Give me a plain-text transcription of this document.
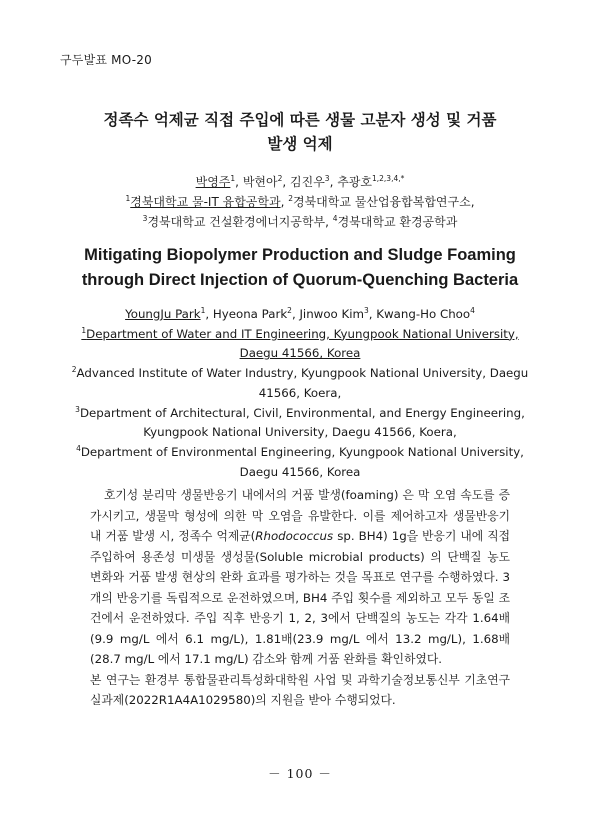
구두발표 MO-20
정족수 억제균 직접 주입에 따른 생물 고분자 생성 및 거품
발생 억제
박영주$^1$, 박현아$^2$, 김진우$^3$, 추광호$^{1,2,3,4,*}$
$^1$경북대학교 물-IT 융합공학과, $^2$경북대학교 물산업융합복합연구소,
$^3$경북대학교 건설환경에너지공학부, $^4$경북대학교 환경공학과
Mitigating Biopolymer Production and Sludge Foaming
through Direct Injection of Quorum-Quenching Bacteria
YoungJu Park$^1$, Hyeona Park$^2$, Jinwoo Kim$^3$, Kwang-Ho Choo$^4$
$^1$Department of Water and IT Engineering, Kyungpook National University,
Daegu 41566, Korea
$^2$Advanced Institute of Water Industry, Kyungpook National University, Daegu
41566, Koera,
$^3$Department of Architectural, Civil, Environmental, and Energy Engineering,
Kyungpook National University, Daegu 41566, Koera,
$^4$Department of Environmental Engineering, Kyungpook National University,
Daegu 41566, Korea

호기성 분리막 생물반응기 내에서의 거품 발생(foaming) 은 막 오염 속도를 증가시키고, 생물막 형성에 의한 막 오염을 유발한다. 이를 제어하고자 생물반응기 내 거품 발생 시, 정족수 억제균(Rhodococcus sp. BH4) 1g을 반응기 내에 직접 주입하여 용존성 미생물 생성물(Soluble microbial products) 의 단백질 농도 변화와 거품 발생 현상의 완화 효과를 평가하는 것을 목표로 연구를 수행하였다. 3개의 반응기를 독립적으로 운전하였으며, BH4 주입 횟수를 제외하고 모두 동일 조건에서 운전하였다. 주입 직후 반응기 1, 2, 3에서 단백질의 농도는 각각 1.64배(9.9 mg/L 에서 6.1 mg/L), 1.81배(23.9 mg/L 에서 13.2 mg/L), 1.68배(28.7 mg/L 에서 17.1 mg/L) 감소와 함께 거품 완화를 확인하였다.

본 연구는 환경부 통합물관리특성화대학원 사업 및 과학기술정보통신부 기초연구실과제(2022R1A4A1029580)의 지원을 받아 수행되었다.

－ 100 －
